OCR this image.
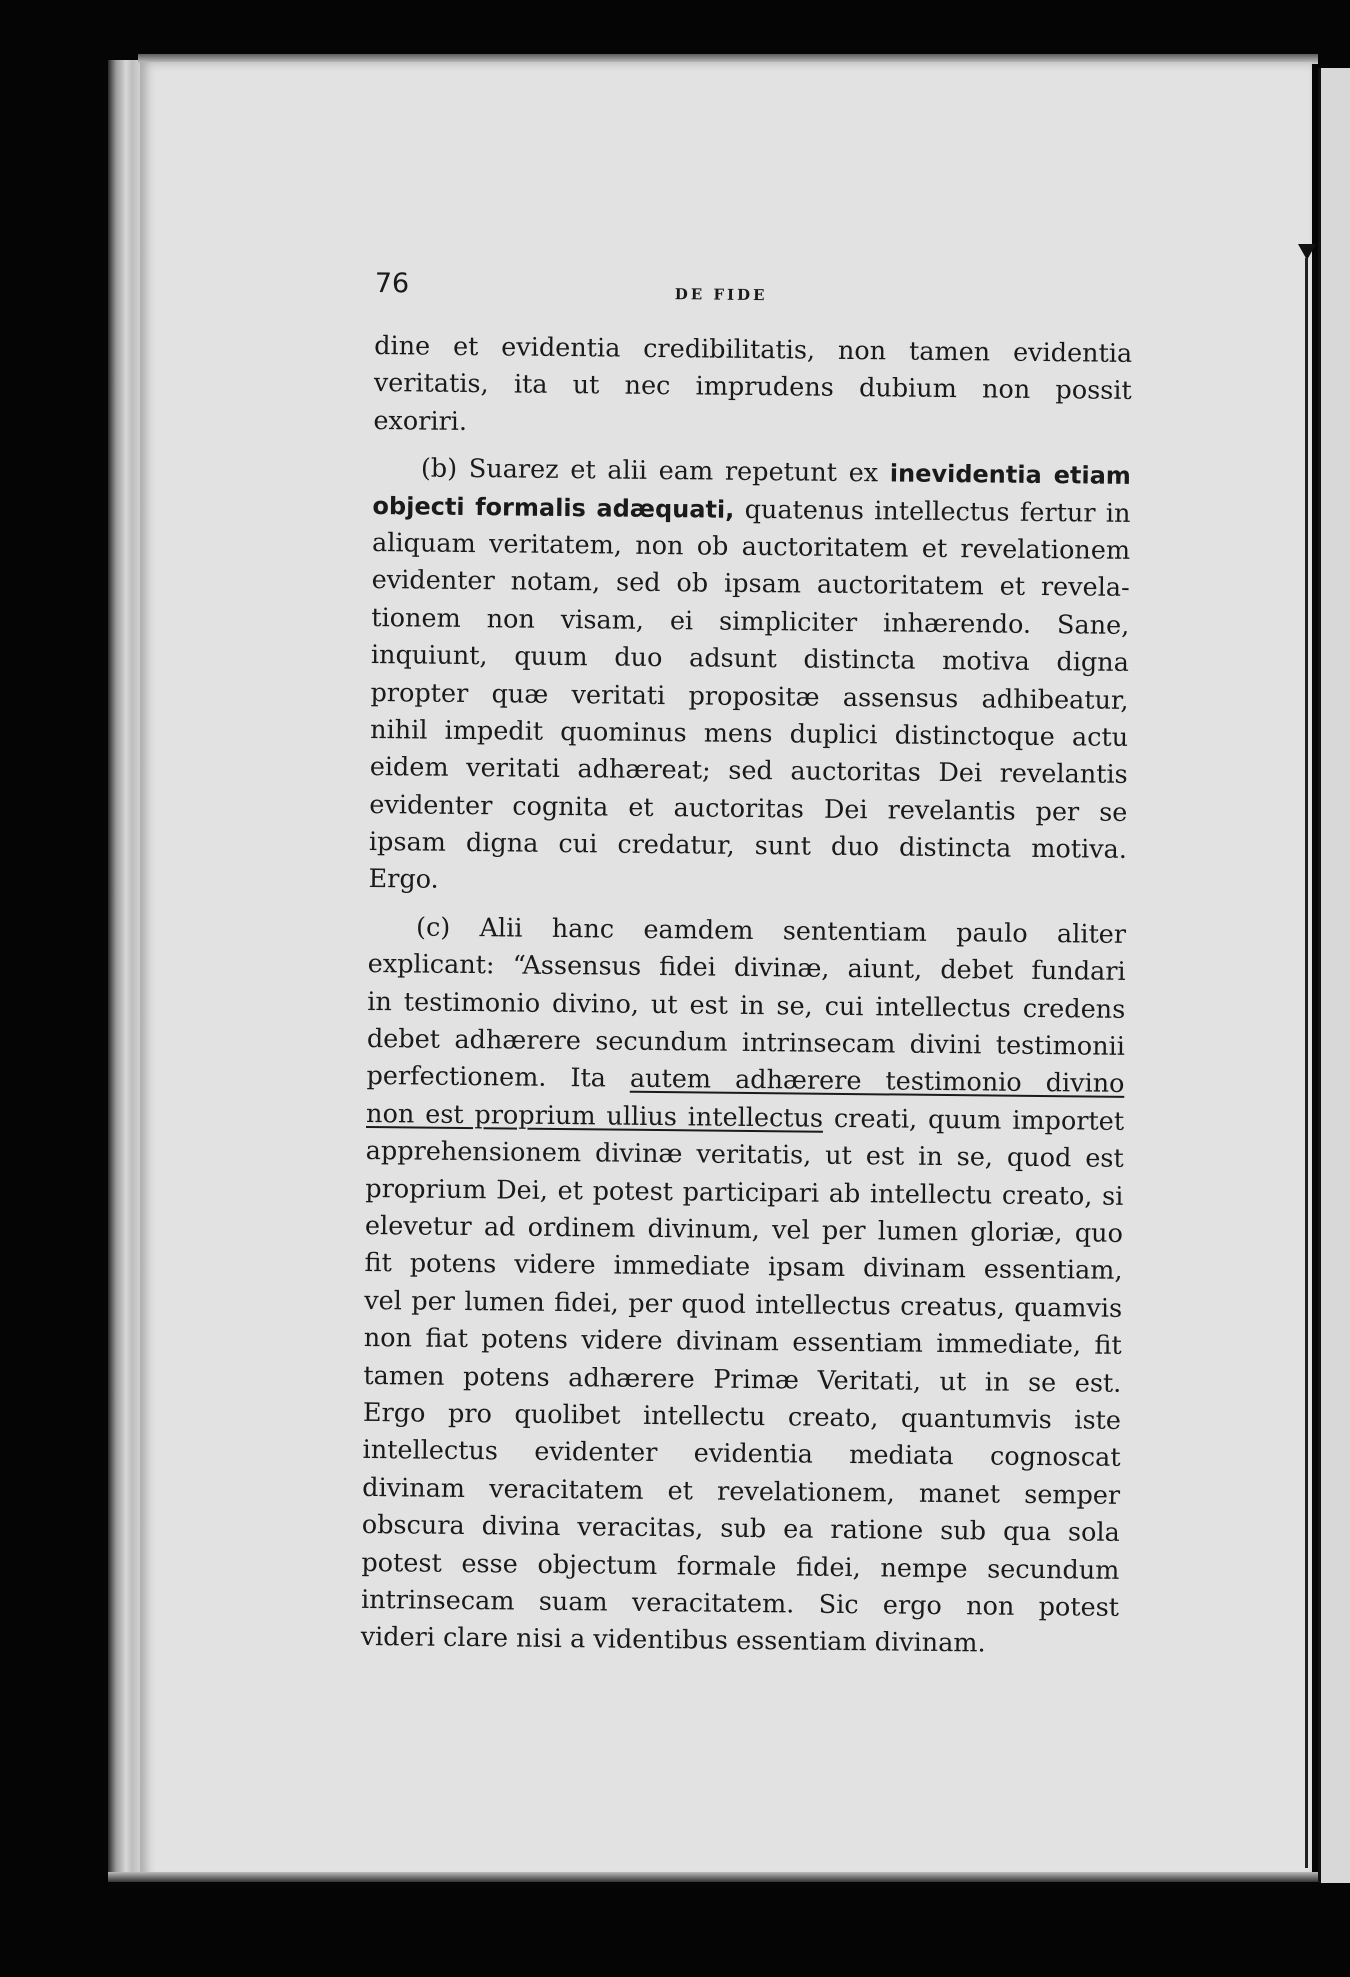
76	DE FIDE
dine et evidentia credibilitatis, non tamen evidentia
veritatis, ita ut nec imprudens dubium non possit
exoriri.
(b) Suarez et alii eam repetunt ex inevidentia etiam
objecti formalis adæquati, quatenus intellectus fertur in
aliquam veritatem, non ob auctoritatem et revelationem
evidenter notam, sed ob ipsam auctoritatem et revela-
tionem non visam, ei simpliciter inhærendo. Sane,
inquiunt, quum duo adsunt distincta motiva digna
propter quæ veritati propositæ assensus adhibeatur,
nihil impedit quominus mens duplici distinctoque actu
eidem veritati adhæreat; sed auctoritas Dei revelantis
evidenter cognita et auctoritas Dei revelantis per se
ipsam digna cui credatur, sunt duo distincta motiva.
Ergo.
(c) Alii hanc eamdem sententiam paulo aliter
explicant: “Assensus fidei divinæ, aiunt, debet fundari
in testimonio divino, ut est in se, cui intellectus credens
debet adhærere secundum intrinsecam divini testimonii
perfectionem. Ita autem adhærere testimonio divino
non est proprium ullius intellectus creati, quum importet
apprehensionem divinæ veritatis, ut est in se, quod est
proprium Dei, et potest participari ab intellectu creato, si
elevetur ad ordinem divinum, vel per lumen gloriæ, quo
fit potens videre immediate ipsam divinam essentiam,
vel per lumen fidei, per quod intellectus creatus, quamvis
non fiat potens videre divinam essentiam immediate, fit
tamen potens adhærere Primæ Veritati, ut in se est.
Ergo pro quolibet intellectu creato, quantumvis iste
intellectus evidenter evidentia mediata cognoscat
divinam veracitatem et revelationem, manet semper
obscura divina veracitas, sub ea ratione sub qua sola
potest esse objectum formale fidei, nempe secundum
intrinsecam suam veracitatem. Sic ergo non potest
videri clare nisi a videntibus essentiam divinam.
